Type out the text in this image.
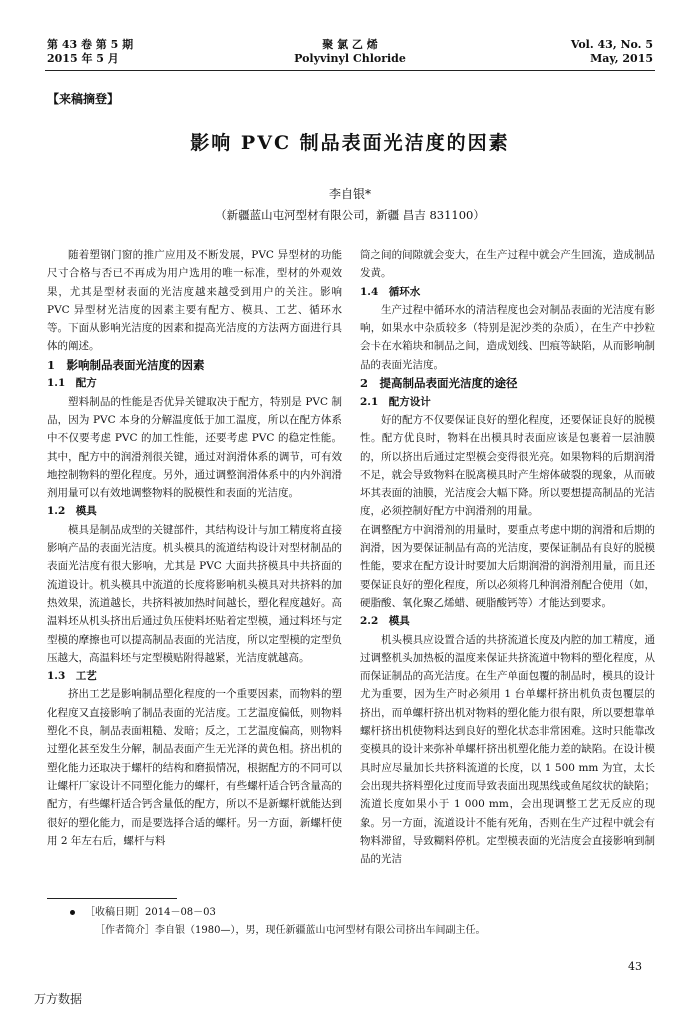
第 43 卷 第 5 期
2015 年 5 月
聚 氯 乙 烯
Polyvinyl Chloride
Vol. 43, No. 5
May, 2015
【来稿摘登】
影响 PVC 制品表面光洁度的因素
李自银*
（新疆蓝山屯河型材有限公司，新疆 昌吉 831100）

随着塑钢门窗的推广应用及不断发展，PVC 异型材的功能尺寸合格与否已不再成为用户选用的唯一标准，型材的外观效果，尤其是型材表面的光洁度越来越受到用户的关注。影响 PVC 异型材光洁度的因素主要有配方、模具、工艺、循环水等。下面从影响光洁度的因素和提高光洁度的方法两方面进行具体的阐述。

1　影响制品表面光洁度的因素
1.1　配方

塑料制品的性能是否优异关键取决于配方，特别是 PVC 制品，因为 PVC 本身的分解温度低于加工温度，所以在配方体系中不仅要考虑 PVC 的加工性能，还要考虑 PVC 的稳定性能。其中，配方中的润滑剂很关键，通过对润滑体系的调节，可有效地控制物料的塑化程度。另外，通过调整润滑体系中的内外润滑剂用量可以有效地调整物料的脱模性和表面的光洁度。

1.2　模具

模具是制品成型的关键部件，其结构设计与加工精度将直接影响产品的表面光洁度。机头模具的流道结构设计对型材制品的表面光洁度有很大影响，尤其是 PVC 大面共挤模具中共挤面的流道设计。机头模具中流道的长度将影响机头模具对共挤料的加热效果，流道越长，共挤料被加热时间越长，塑化程度越好。高温料坯从机头挤出后通过负压使料坯贴着定型模，通过料坯与定型模的摩擦也可以提高制品表面的光洁度，所以定型模的定型负压越大，高温料坯与定型模贴附得越紧，光洁度就越高。

1.3　工艺

挤出工艺是影响制品塑化程度的一个重要因素，而物料的塑化程度又直接影响了制品表面的光洁度。工艺温度偏低，则物料塑化不良，制品表面粗糙、发暗；反之，工艺温度偏高，则物料过塑化甚至发生分解，制品表面产生无光泽的黄色相。挤出机的塑化能力还取决于螺杆的结构和磨损情况，根据配方的不同可以让螺杆厂家设计不同塑化能力的螺杆，有些螺杆适合钙含量高的配方，有些螺杆适合钙含量低的配方，所以不是新螺杆就能达到很好的塑化能力，而是要选择合适的螺杆。另一方面，新螺杆使用 2 年左右后，螺杆与料

筒之间的间隙就会变大，在生产过程中就会产生回流，造成制品发黄。

1.4　循环水

生产过程中循环水的清洁程度也会对制品表面的光洁度有影响，如果水中杂质较多（特别是泥沙类的杂质），在生产中抄粒会卡在水箱块和制品之间，造成划线、凹痕等缺陷，从而影响制品的表面光洁度。

2　提高制品表面光洁度的途径
2.1　配方设计

好的配方不仅要保证良好的塑化程度，还要保证良好的脱模性。配方优良时，物料在出模具时表面应该是包裹着一层油膜的，所以挤出后通过定型模会变得很光亮。如果物料的后期润滑不足，就会导致物料在脱离模具时产生熔体破裂的现象，从而破坏其表面的油膜，光洁度会大幅下降。所以要想提高制品的光洁度，必须控制好配方中润滑剂的用量。

在调整配方中润滑剂的用量时，要重点考虑中期的润滑和后期的润滑，因为要保证制品有高的光洁度，要保证制品有良好的脱模性能，要求在配方设计时要加大后期润滑的润滑剂用量，而且还要保证良好的塑化程度，所以必须将几种润滑剂配合使用（如，硬脂酸、氧化聚乙烯蜡、硬脂酸钙等）才能达到要求。

2.2　模具

机头模具应设置合适的共挤流道长度及内腔的加工精度，通过调整机头加热板的温度来保证共挤流道中物料的塑化程度，从而保证制品的高光洁度。在生产单面包覆的制品时，模具的设计尤为重要，因为生产时必须用 1 台单螺杆挤出机负责包覆层的挤出，而单螺杆挤出机对物料的塑化能力很有限，所以要想靠单螺杆挤出机使物料达到良好的塑化状态非常困难。这时只能靠改变模具的设计来弥补单螺杆挤出机塑化能力差的缺陷。在设计模具时应尽量加长共挤料流道的长度，以 1 500 mm 为宜，太长会出现共挤料塑化过度而导致表面出现黑线或鱼尾纹状的缺陷；流道长度如果小于 1 000 mm，会出现调整工艺无反应的现象。另一方面，流道设计不能有死角，否则在生产过程中就会有物料滞留，导致糊料停机。定型模表面的光洁度会直接影响到制品的光洁

［收稿日期］2014－08－03
［作者简介］李自银（1980—），男，现任新疆蓝山屯河型材有限公司挤出车间副主任。
43
万方数据
